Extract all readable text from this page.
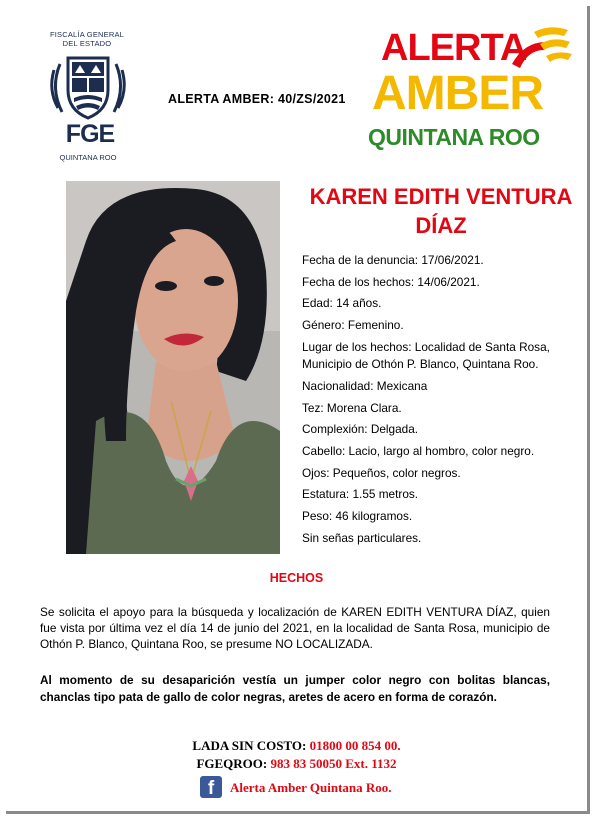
FISCALÍA GENERAL
DEL ESTADO
FGE
QUINTANA ROO
ALERTA AMBER: 40/ZS/2021
ALERTA
AMBER
QUINTANA ROO
KAREN EDITH VENTURA
DÍAZ
Fecha de la denuncia: 17/06/2021.
Fecha de los hechos: 14/06/2021.
Edad: 14 años.
Género: Femenino.
Lugar de los hechos: Localidad de Santa Rosa,
Municipio de Othón P. Blanco, Quintana Roo.
Nacionalidad: Mexicana
Tez: Morena Clara.
Complexión: Delgada.
Cabello: Lacio, largo al hombro, color negro.
Ojos: Pequeños, color negros.
Estatura: 1.55 metros.
Peso: 46 kilogramos.
Sin señas particulares.
HECHOS
Se solicita el apoyo para la búsqueda y localización de KAREN EDITH VENTURA DÍAZ, quien fue vista por última vez el día 14 de junio del 2021, en la localidad de Santa Rosa, municipio de Othón P. Blanco, Quintana Roo, se presume NO LOCALIZADA.
Al momento de su desaparición vestía un jumper color negro con bolitas blancas, chanclas tipo pata de gallo de color negras, aretes de acero en forma de corazón.
LADA SIN COSTO: 01800 00 854 00.
FGEQROO: 983 83 50050 Ext. 1132
f	Alerta Amber Quintana Roo.
